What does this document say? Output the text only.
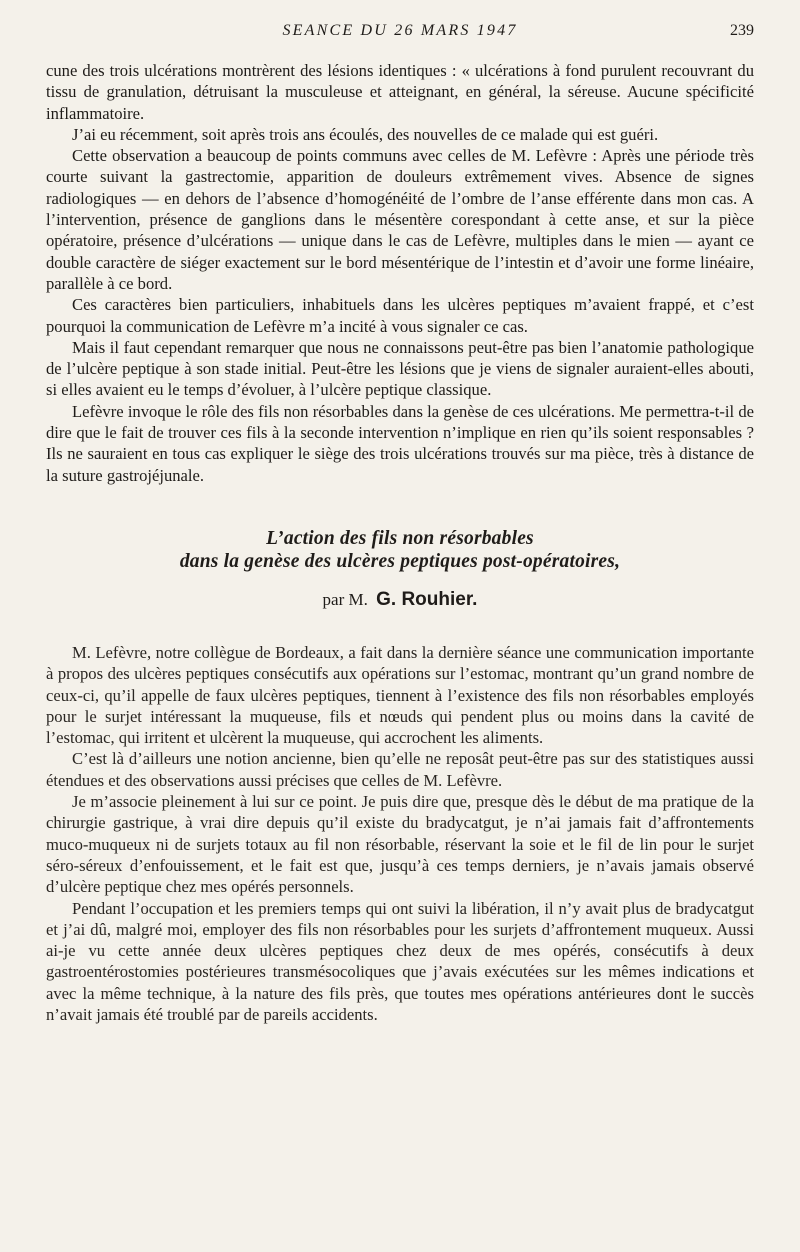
SEANCE DU 26 MARS 1947	239

cune des trois ulcérations montrèrent des lésions identiques : « ulcérations à fond purulent recouvrant du tissu de granulation, détruisant la musculeuse et atteignant, en général, la séreuse. Aucune spécificité inflammatoire.

J’ai eu récemment, soit après trois ans écoulés, des nouvelles de ce malade qui est guéri.

Cette observation a beaucoup de points communs avec celles de M. Lefèvre : Après une période très courte suivant la gastrectomie, apparition de douleurs extrêmement vives. Absence de signes radiologiques — en dehors de l’absence d’homogénéité de l’ombre de l’anse efférente dans mon cas. A l’intervention, présence de ganglions dans le mésentère corespondant à cette anse, et sur la pièce opératoire, présence d’ulcérations — unique dans le cas de Lefèvre, multiples dans le mien — ayant ce double caractère de siéger exactement sur le bord mésentérique de l’intestin et d’avoir une forme linéaire, parallèle à ce bord.

Ces caractères bien particuliers, inhabituels dans les ulcères peptiques m’avaient frappé, et c’est pourquoi la communication de Lefèvre m’a incité à vous signaler ce cas.

Mais il faut cependant remarquer que nous ne connaissons peut-être pas bien l’anatomie pathologique de l’ulcère peptique à son stade initial. Peut-être les lésions que je viens de signaler auraient-elles abouti, si elles avaient eu le temps d’évoluer, à l’ulcère peptique classique.

Lefèvre invoque le rôle des fils non résorbables dans la genèse de ces ulcérations. Me permettra-t-il de dire que le fait de trouver ces fils à la seconde intervention n’implique en rien qu’ils soient responsables ? Ils ne sauraient en tous cas expliquer le siège des trois ulcérations trouvés sur ma pièce, très à distance de la suture gastrojéjunale.

L’action des fils non résorbables
dans la genèse des ulcères peptiques post-opératoires,
par M. G. Rouhier.

M. Lefèvre, notre collègue de Bordeaux, a fait dans la dernière séance une communication importante à propos des ulcères peptiques consécutifs aux opérations sur l’estomac, montrant qu’un grand nombre de ceux-ci, qu’il appelle de faux ulcères peptiques, tiennent à l’existence des fils non résorbables employés pour le surjet intéressant la muqueuse, fils et nœuds qui pendent plus ou moins dans la cavité de l’estomac, qui irritent et ulcèrent la muqueuse, qui accrochent les aliments.

C’est là d’ailleurs une notion ancienne, bien qu’elle ne reposât peut-être pas sur des statistiques aussi étendues et des observations aussi précises que celles de M. Lefèvre.

Je m’associe pleinement à lui sur ce point. Je puis dire que, presque dès le début de ma pratique de la chirurgie gastrique, à vrai dire depuis qu’il existe du bradycatgut, je n’ai jamais fait d’affrontements muco-muqueux ni de surjets totaux au fil non résorbable, réservant la soie et le fil de lin pour le surjet séro-séreux d’enfouissement, et le fait est que, jusqu’à ces temps derniers, je n’avais jamais observé d’ulcère peptique chez mes opérés personnels.

Pendant l’occupation et les premiers temps qui ont suivi la libération, il n’y avait plus de bradycatgut et j’ai dû, malgré moi, employer des fils non résorbables pour les surjets d’affrontement muqueux. Aussi ai-je vu cette année deux ulcères peptiques chez deux de mes opérés, consécutifs à deux gastroentérostomies postérieures transmésocoliques que j’avais exécutées sur les mêmes indications et avec la même technique, à la nature des fils près, que toutes mes opérations antérieures dont le succès n’avait jamais été troublé par de pareils accidents.
